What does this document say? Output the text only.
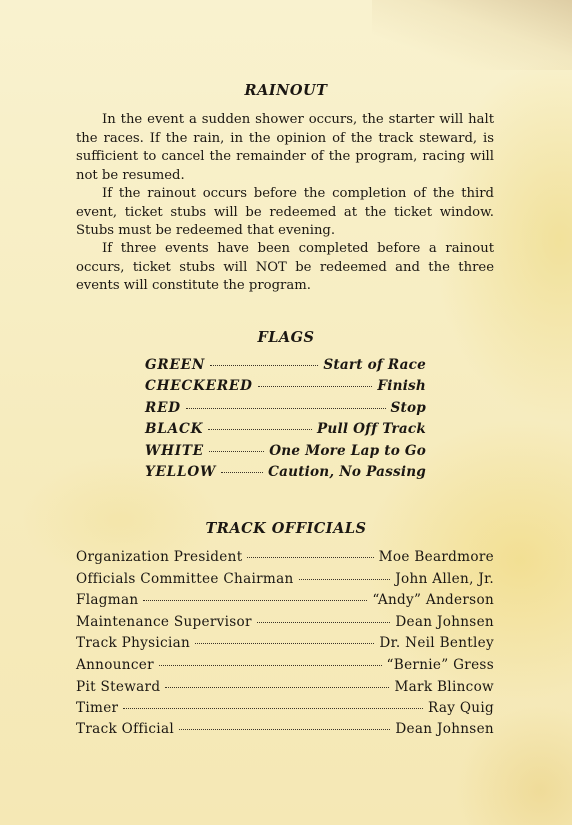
RAINOUT

In the event a sudden shower occurs, the starter will halt the races. If the rain, in the opinion of the track steward, is sufficient to cancel the remainder of the program, racing will not be resumed.

If the rainout occurs before the completion of the third event, ticket stubs will be redeemed at the ticket window. Stubs must be redeemed that evening.

If three events have been completed before a rainout occurs, ticket stubs will NOT be redeemed and the three events will constitute the program.

FLAGS
GREEN	Start of Race
CHECKERED	Finish
RED	Stop
BLACK	Pull Off Track
WHITE	One More Lap to Go
YELLOW	Caution, No Passing
TRACK OFFICIALS
Organization President	Moe Beardmore
Officials Committee Chairman	John Allen, Jr.
Flagman	“Andy” Anderson
Maintenance Supervisor	Dean Johnsen
Track Physician	Dr. Neil Bentley
Announcer	“Bernie” Gress
Pit Steward	Mark Blincow
Timer	Ray Quig
Track Official	Dean Johnsen
